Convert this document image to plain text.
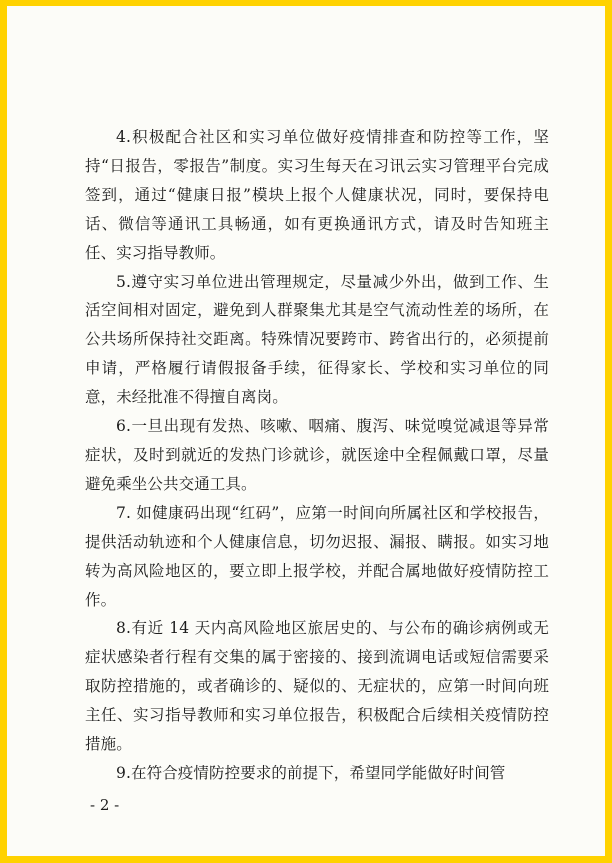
4.积极配合社区和实习单位做好疫情排查和防控等工作，坚持“日报告，零报告”制度。实习生每天在习讯云实习管理平台完成签到，通过“健康日报”模块上报个人健康状况，同时，要保持电话、微信等通讯工具畅通，如有更换通讯方式，请及时告知班主任、实习指导教师。

5.遵守实习单位进出管理规定，尽量减少外出，做到工作、生活空间相对固定，避免到人群聚集尤其是空气流动性差的场所，在公共场所保持社交距离。特殊情况要跨市、跨省出行的，必须提前申请，严格履行请假报备手续，征得家长、学校和实习单位的同意，未经批准不得擅自离岗。

6.一旦出现有发热、咳嗽、咽痛、腹泻、味觉嗅觉减退等异常症状，及时到就近的发热门诊就诊，就医途中全程佩戴口罩，尽量避免乘坐公共交通工具。

7. 如健康码出现“红码”，应第一时间向所属社区和学校报告，提供活动轨迹和个人健康信息，切勿迟报、漏报、瞒报。如实习地转为高风险地区的，要立即上报学校，并配合属地做好疫情防控工作。

8.有近 14 天内高风险地区旅居史的、与公布的确诊病例或无症状感染者行程有交集的属于密接的、接到流调电话或短信需要采取防控措施的，或者确诊的、疑似的、无症状的，应第一时间向班主任、实习指导教师和实习单位报告，积极配合后续相关疫情防控措施。

9.在符合疫情防控要求的前提下，希望同学能做好时间管

- 2 -
